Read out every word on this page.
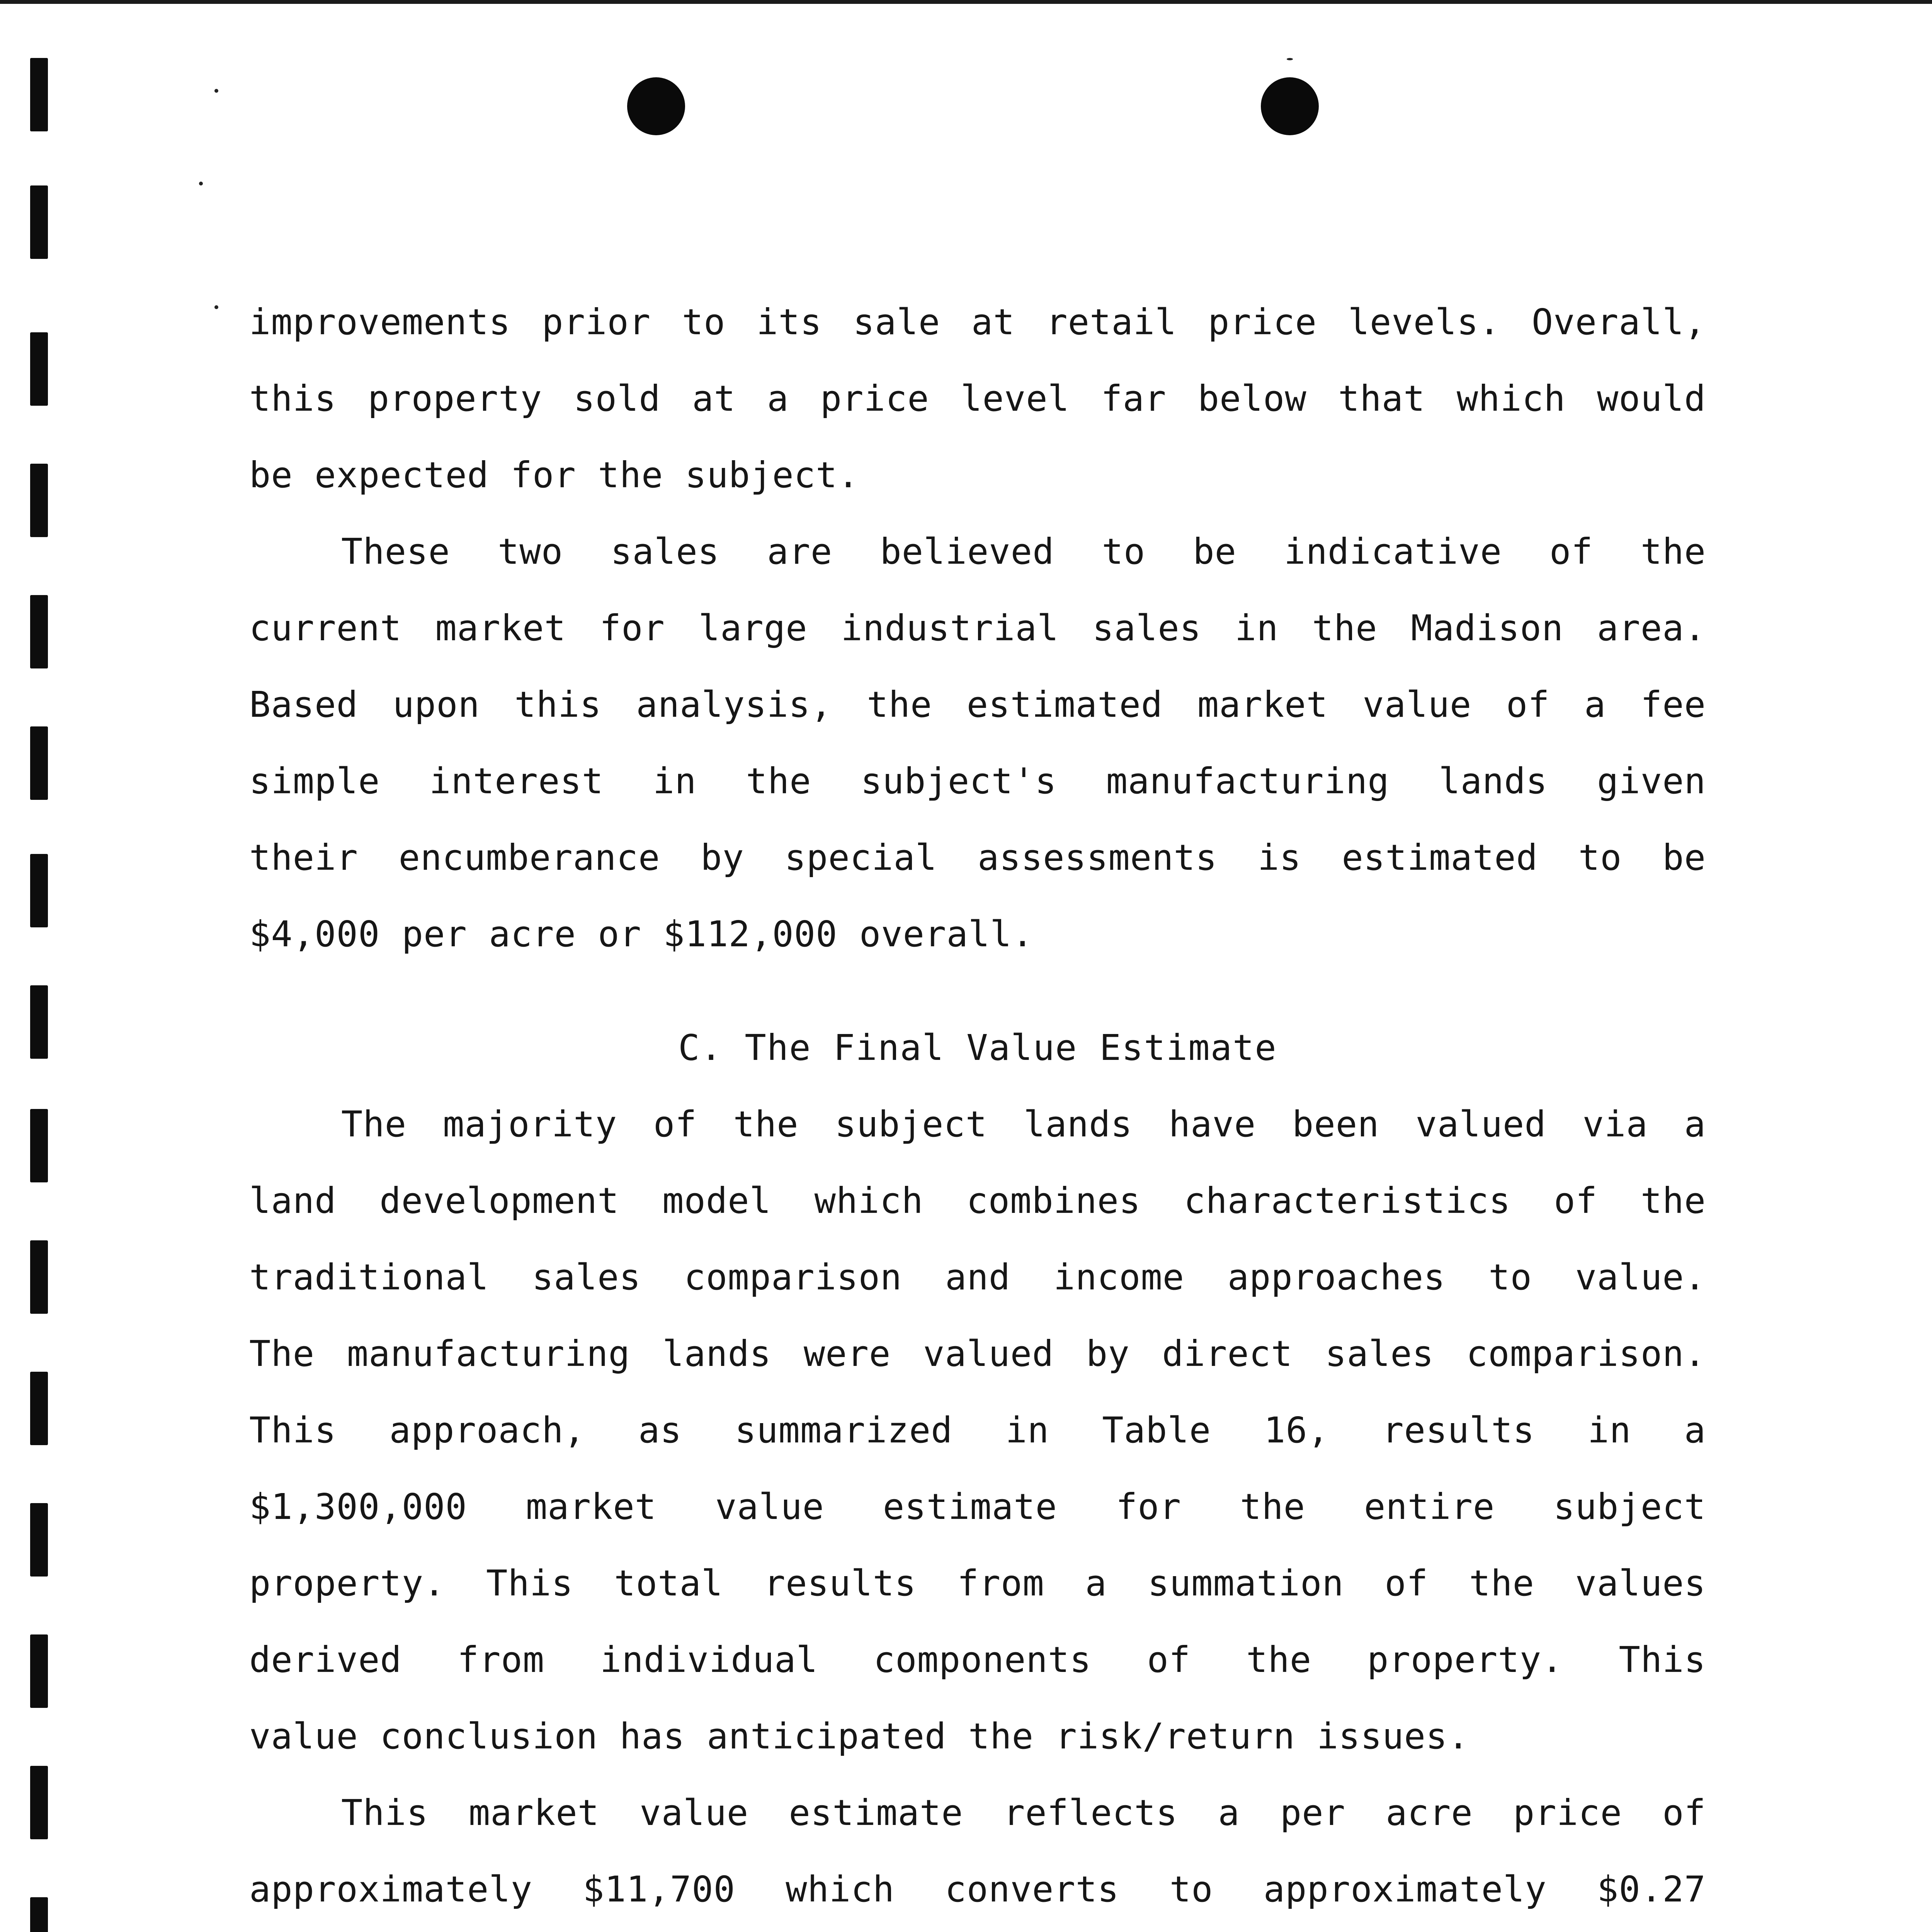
improvements prior to its sale at retail price levels. Overall,
this property sold at a price level far below that which would
be expected for the subject.
These two sales are believed to be indicative of the
current market for large industrial sales in the Madison area.
Based upon this analysis, the estimated market value of a fee
simple interest in the subject's manufacturing lands given
their encumberance by special assessments is estimated to be
$4,000 per acre or $112,000 overall.
C. The Final Value Estimate
The majority of the subject lands have been valued via a
land development model which combines characteristics of the
traditional sales comparison and income approaches to value.
The manufacturing lands were valued by direct sales comparison.
This approach, as summarized in Table 16, results in a
$1,300,000 market value estimate for the entire subject
property. This total results from a summation of the values
derived from individual components of the property. This
value conclusion has anticipated the risk/return issues.
This market value estimate reflects a per acre price of
approximately $11,700 which converts to approximately $0.27
